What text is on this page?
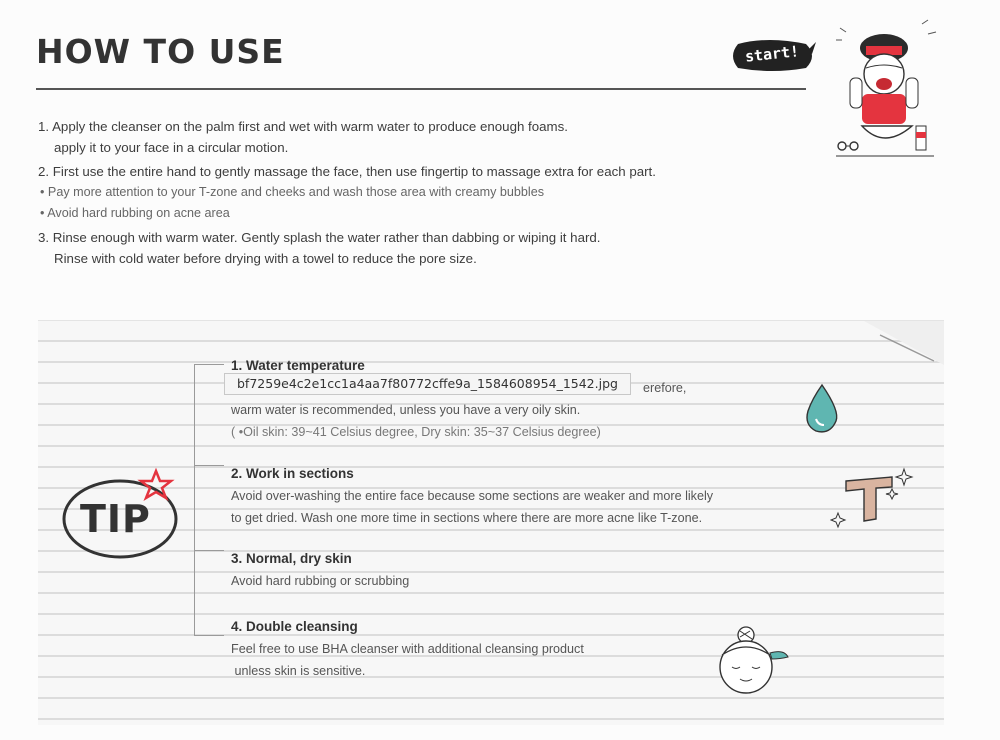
HOW TO USE	start!

1. Apply the cleanser on the palm first and wet with warm water to produce enough foams.

apply it to your face in a circular motion.

2. First use the entire hand to gently massage the face, then use fingertip to massage extra for each part.

• Pay more attention to your T-zone and cheeks and wash those area with creamy bubbles

• Avoid hard rubbing on acne area

3. Rinse enough with warm water. Gently splash the water rather than dabbing or wiping it hard.

Rinse with cold water before drying with a towel to reduce the pore size.

TIP
1. Water temperature

erefore,

warm water is recommended, unless you have a very oily skin.

( •Oil skin: 39~41 Celsius degree, Dry skin: 35~37 Celsius degree)

2. Work in sections

Avoid over-washing the entire face because some sections are weaker and more likely

to get dried. Wash one more time in sections where there are more acne like T-zone.

3. Normal, dry skin

Avoid hard rubbing or scrubbing

4. Double cleansing

Feel free to use BHA cleanser with additional cleansing product

unless skin is sensitive.

bf7259e4c2e1cc1a4aa7f80772cffe9a_1584608954_1542.jpg
